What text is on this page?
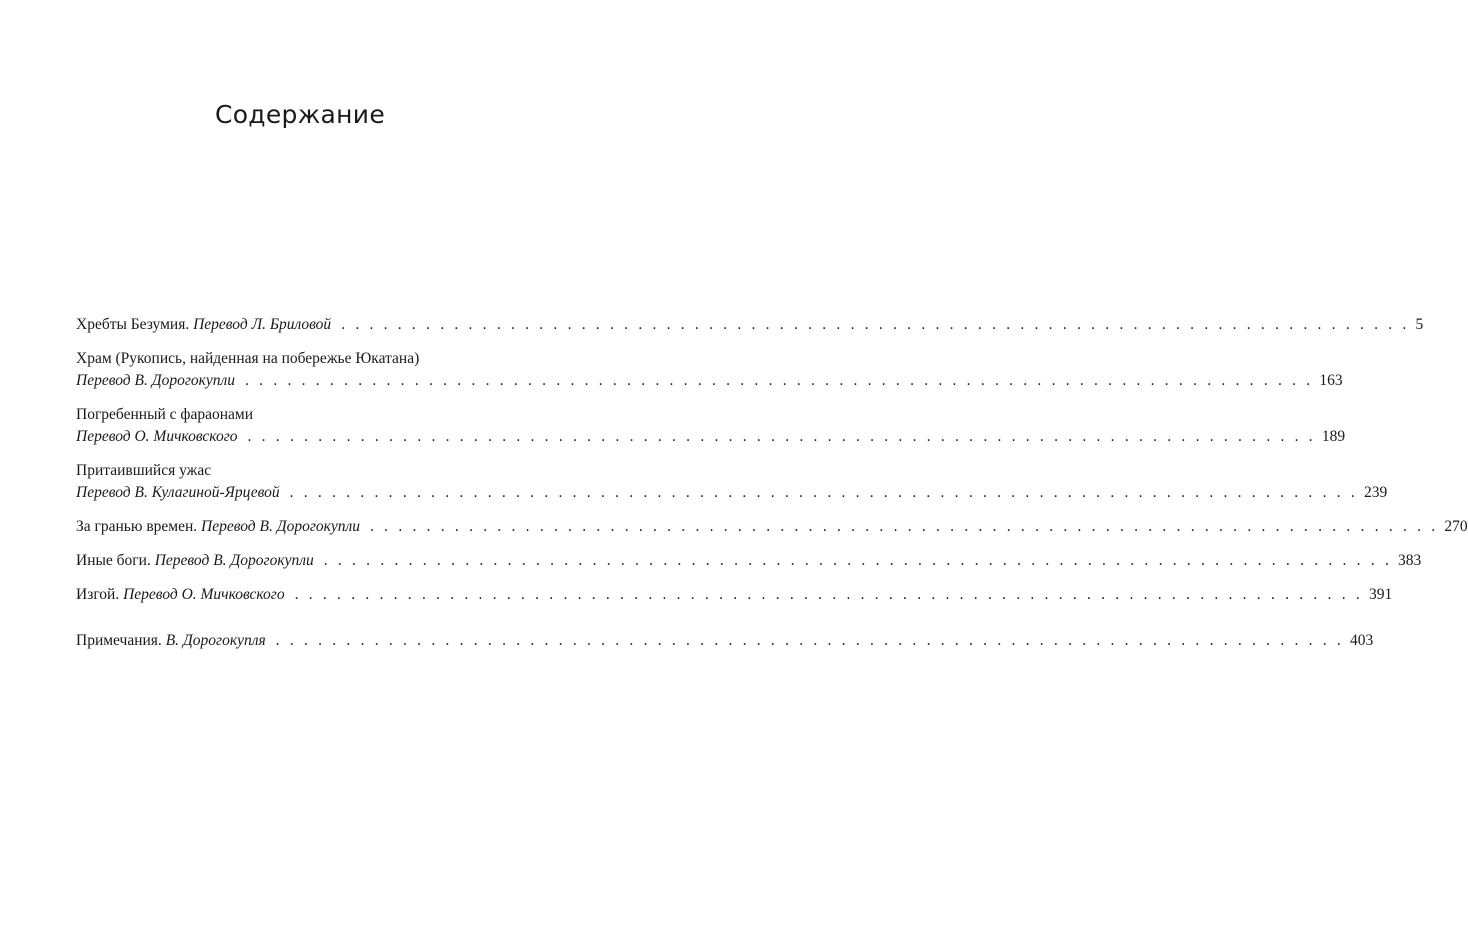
Содержание
Хребты Безумия.
Перевод Л. Бриловой . . . . . . . . . . . . . . . . . . . . . . . . . . . . . . . . . . . . . . . . . . . . . . . . . . . . . . . . . . . . . . . . . . . . . . . . . . . . 5
Храм (Рукопись, найденная на побережье Юкатана)
Перевод В. Дорогокупли . . . . . . . . . . . . . . . . . . . . . . . . . . . . . . . . . . . . . . . . . . . . . . . . . . . . . . . . . . . . . . . . . . . . . . . . . . . . 163
Погребенный с фараонами
Перевод О. Мичковского . . . . . . . . . . . . . . . . . . . . . . . . . . . . . . . . . . . . . . . . . . . . . . . . . . . . . . . . . . . . . . . . . . . . . . . . . . . . 189
Притаившийся ужас
Перевод В. Кулагиной-Ярцевой . . . . . . . . . . . . . . . . . . . . . . . . . . . . . . . . . . . . . . . . . . . . . . . . . . . . . . . . . . . . . . . . . . . . . . . . . . . . 239
За гранью времен.
Перевод В. Дорогокупли . . . . . . . . . . . . . . . . . . . . . . . . . . . . . . . . . . . . . . . . . . . . . . . . . . . . . . . . . . . . . . . . . . . . . . . . . . . . 270
Иные боги.
Перевод В. Дорогокупли . . . . . . . . . . . . . . . . . . . . . . . . . . . . . . . . . . . . . . . . . . . . . . . . . . . . . . . . . . . . . . . . . . . . . . . . . . . . 383
Изгой.
Перевод О. Мичковского . . . . . . . . . . . . . . . . . . . . . . . . . . . . . . . . . . . . . . . . . . . . . . . . . . . . . . . . . . . . . . . . . . . . . . . . . . . . 391
Примечания.
В. Дорогокупля . . . . . . . . . . . . . . . . . . . . . . . . . . . . . . . . . . . . . . . . . . . . . . . . . . . . . . . . . . . . . . . . . . . . . . . . . . . . 403
